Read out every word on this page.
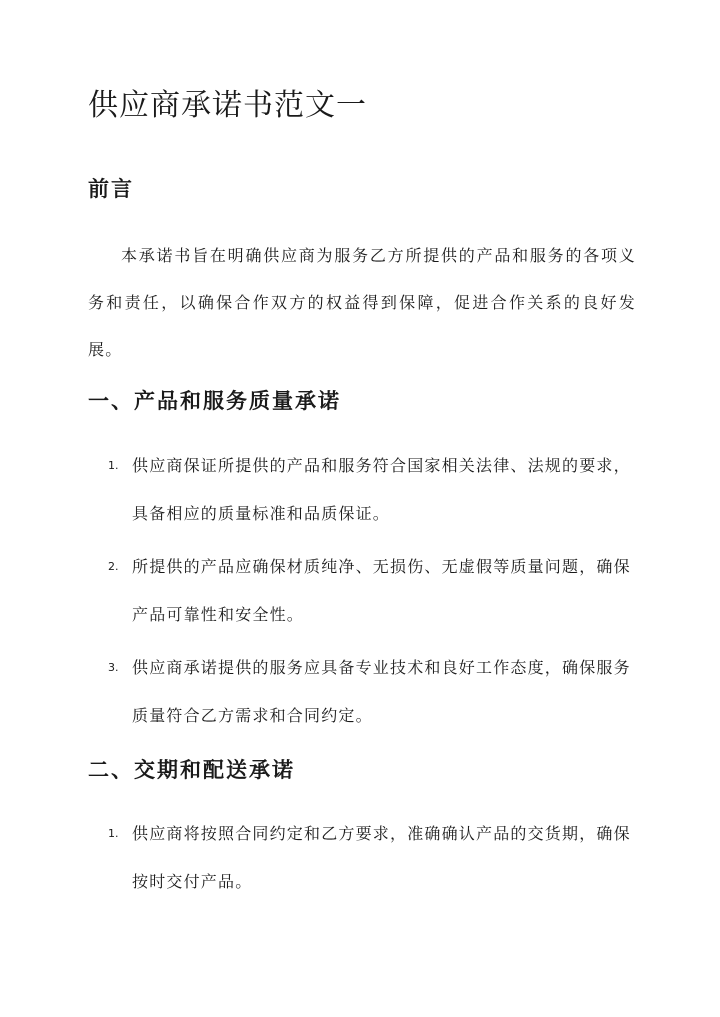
供应商承诺书范文一
前言

本承诺书旨在明确供应商为服务乙方所提供的产品和服务的各项义务和责任，以确保合作双方的权益得到保障，促进合作关系的良好发展。

一、产品和服务质量承诺
1. 供应商保证所提供的产品和服务符合国家相关法律、法规的要求，具备相应的质量标准和品质保证。
2. 所提供的产品应确保材质纯净、无损伤、无虚假等质量问题，确保产品可靠性和安全性。
3. 供应商承诺提供的服务应具备专业技术和良好工作态度，确保服务质量符合乙方需求和合同约定。
二、交期和配送承诺
1. 供应商将按照合同约定和乙方要求，准确确认产品的交货期，确保按时交付产品。
